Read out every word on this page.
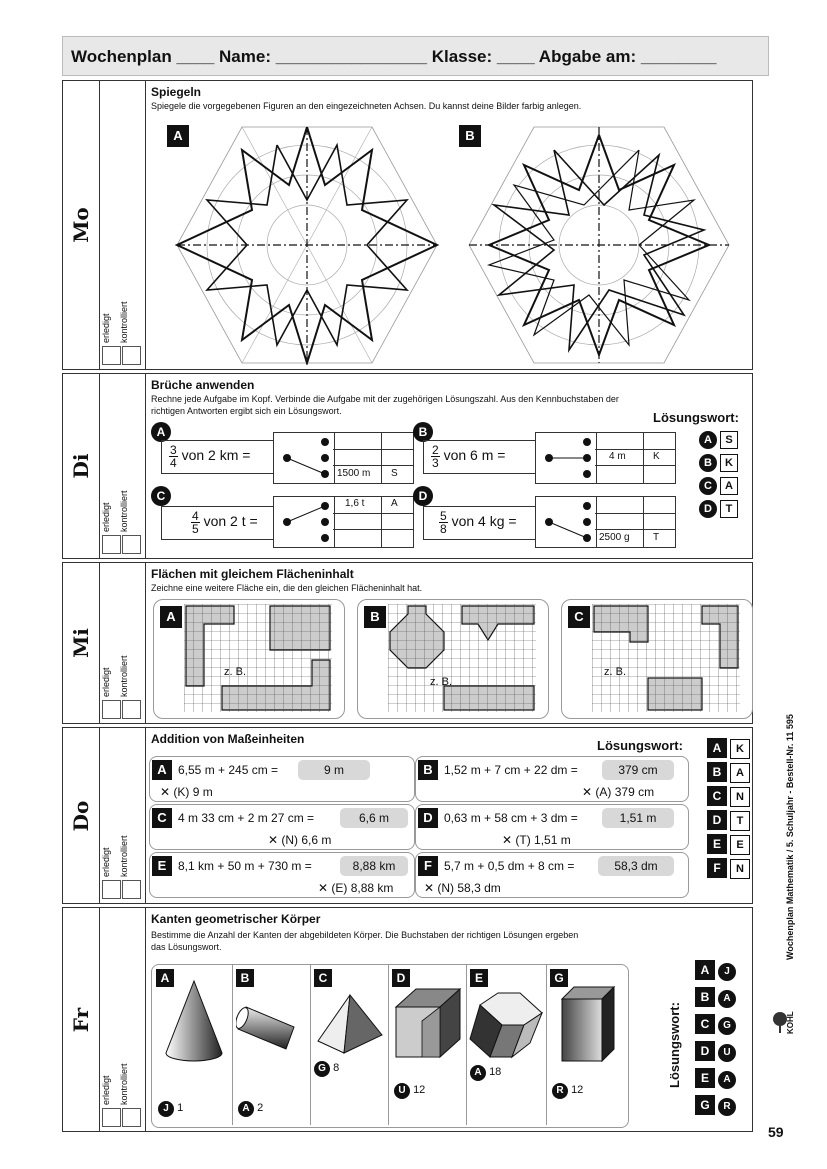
Wochenplan ____ Name: ________________ Klasse: ____ Abgabe am: ________
Mo
erledigt kontrolliert
Spiegeln
Spiegele die vorgegebenen Figuren an den eingezeichneten Achsen. Du kannst deine Bilder farbig anlegen.
A	B
Di
erledigt kontrolliert
Brüche anwenden
Rechne jede Aufgabe im Kopf. Verbinde die Aufgabe mit der zugehörigen Lösungszahl. Aus den Kennbuchstaben der
richtigen Antworten ergibt sich ein Lösungswort.	Lösungswort:
A
$\frac{3}{4}$ von 2 km =
1500 m S
B
$\frac{2}{3}$ von 6 m =	4 m	K
C
$\frac{4}{5}$ von 2 t =
1,6 t	A
D
$\frac{5}{8}$ von 4 kg =
2500 g T
A S
B K
C A
D T
Mi
erledigt kontrolliert
Flächen mit gleichem Flächeninhalt
Zeichne eine weitere Fläche ein, die den gleichen Flächeninhalt hat.
A
z. B.
B
z. B.
C
z. B.
Do
erledigt kontrolliert
Addition von Maßeinheiten	Lösungswort:
A 6,55 m + 245 cm =	9 m
✕ (K) 9 m
B 1,52 m + 7 cm + 22 dm =	379 cm
✕ (A) 379 cm
C 4 m 33 cm + 2 m 27 cm =	6,6 m
✕ (N) 6,6 m
D 0,63 m + 58 cm + 3 dm =	1,51 m
✕ (T) 1,51 m
E 8,1 km + 50 m + 730 m =	8,88 km
✕ (E) 8,88 km
F	5,7 m + 0,5 dm + 8 cm =	58,3 dm
✕ (N) 58,3 dm
A K
B A
C N
D T
E E
F N
Fr
erledigt kontrolliert
Kanten geometrischer Körper
Bestimme die Anzahl der Kanten der abgebildeten Körper. Die Buchstaben der richtigen Lösungen ergeben
das Lösungswort.
A
J 1
B
A 2
C
G 8
D
U 12
E
A 18
G
R 12
Lösungswort:
A J
B A
C G
D U
E A
G R
Wochenplan Mathematik / 5. Schuljahr - Bestell-Nr. 11 595
KOHL
59
